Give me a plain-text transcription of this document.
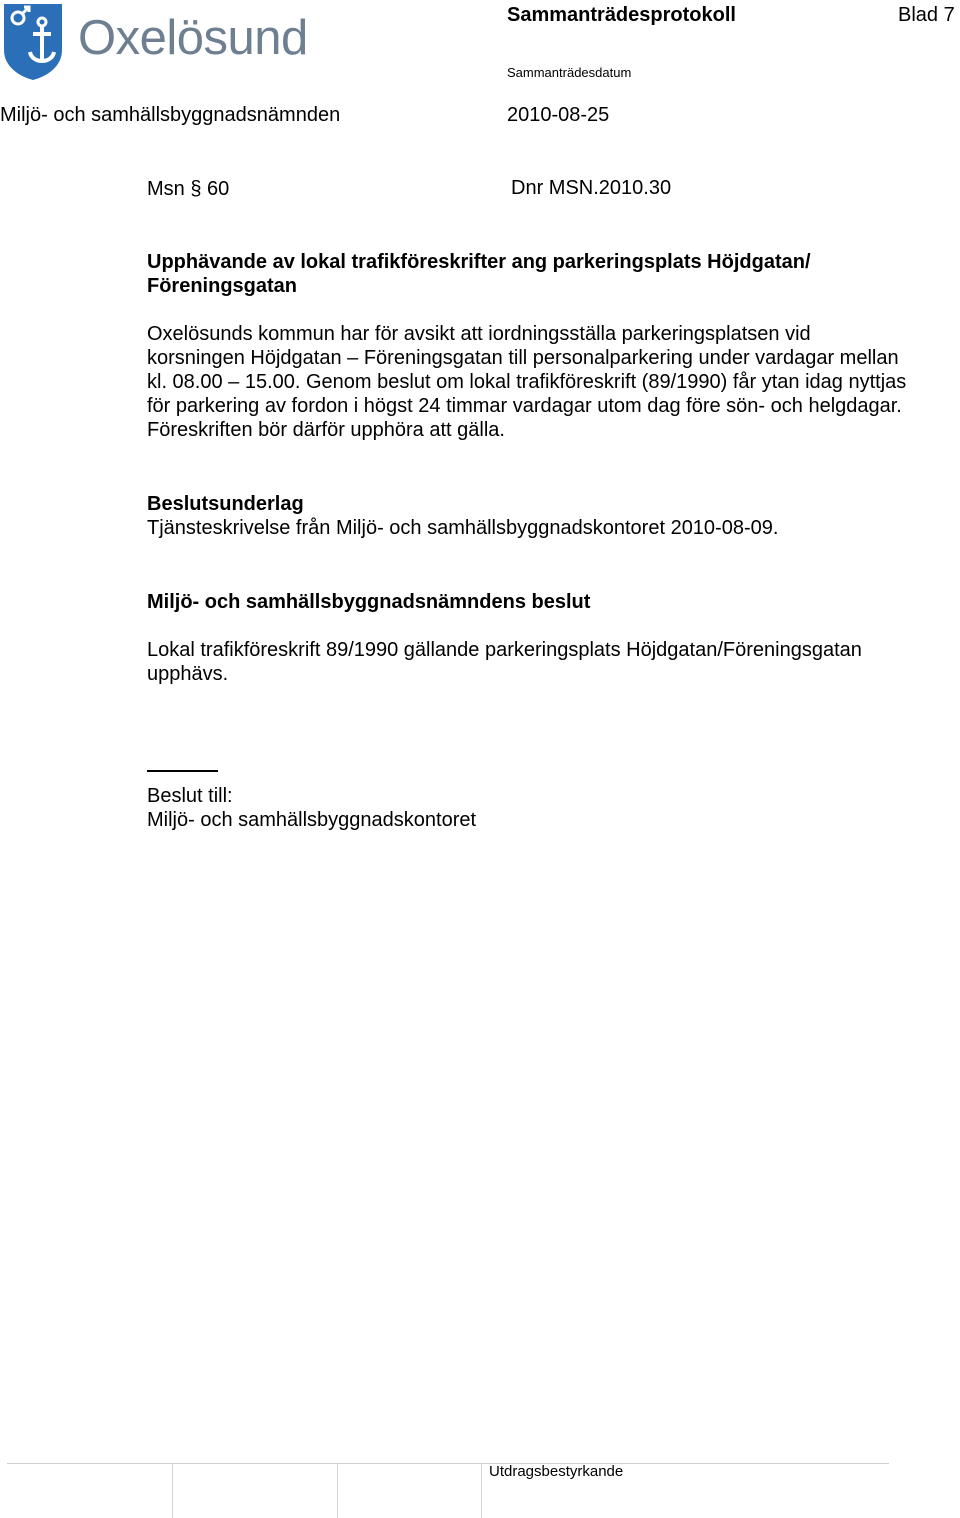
Oxelösund	Sammanträdesprotokoll	Blad 7
Sammanträdesdatum
Miljö- och samhällsbyggnadsnämnden	2010-08-25
Msn § 60	Dnr MSN.2010.30
Upphävande av lokal trafikföreskrifter ang parkeringsplats Höjdgatan/ Föreningsgatan
Oxelösunds kommun har för avsikt att iordningsställa parkeringsplatsen vid korsningen Höjdgatan – Föreningsgatan till personalparkering under vardagar mellan kl. 08.00 – 15.00. Genom beslut om lokal trafikföreskrift (89/1990) får ytan idag nyttjas för parkering av fordon i högst 24 timmar vardagar utom dag före sön- och helgdagar. Föreskriften bör därför upphöra att gälla.
Beslutsunderlag
Tjänsteskrivelse från Miljö- och samhällsbyggnadskontoret 2010-08-09.
Miljö- och samhällsbyggnadsnämndens beslut
Lokal trafikföreskrift 89/1990 gällande parkeringsplats Höjdgatan/Föreningsgatan upphävs.
Beslut till:
Miljö- och samhällsbyggnadskontoret
Utdragsbestyrkande
